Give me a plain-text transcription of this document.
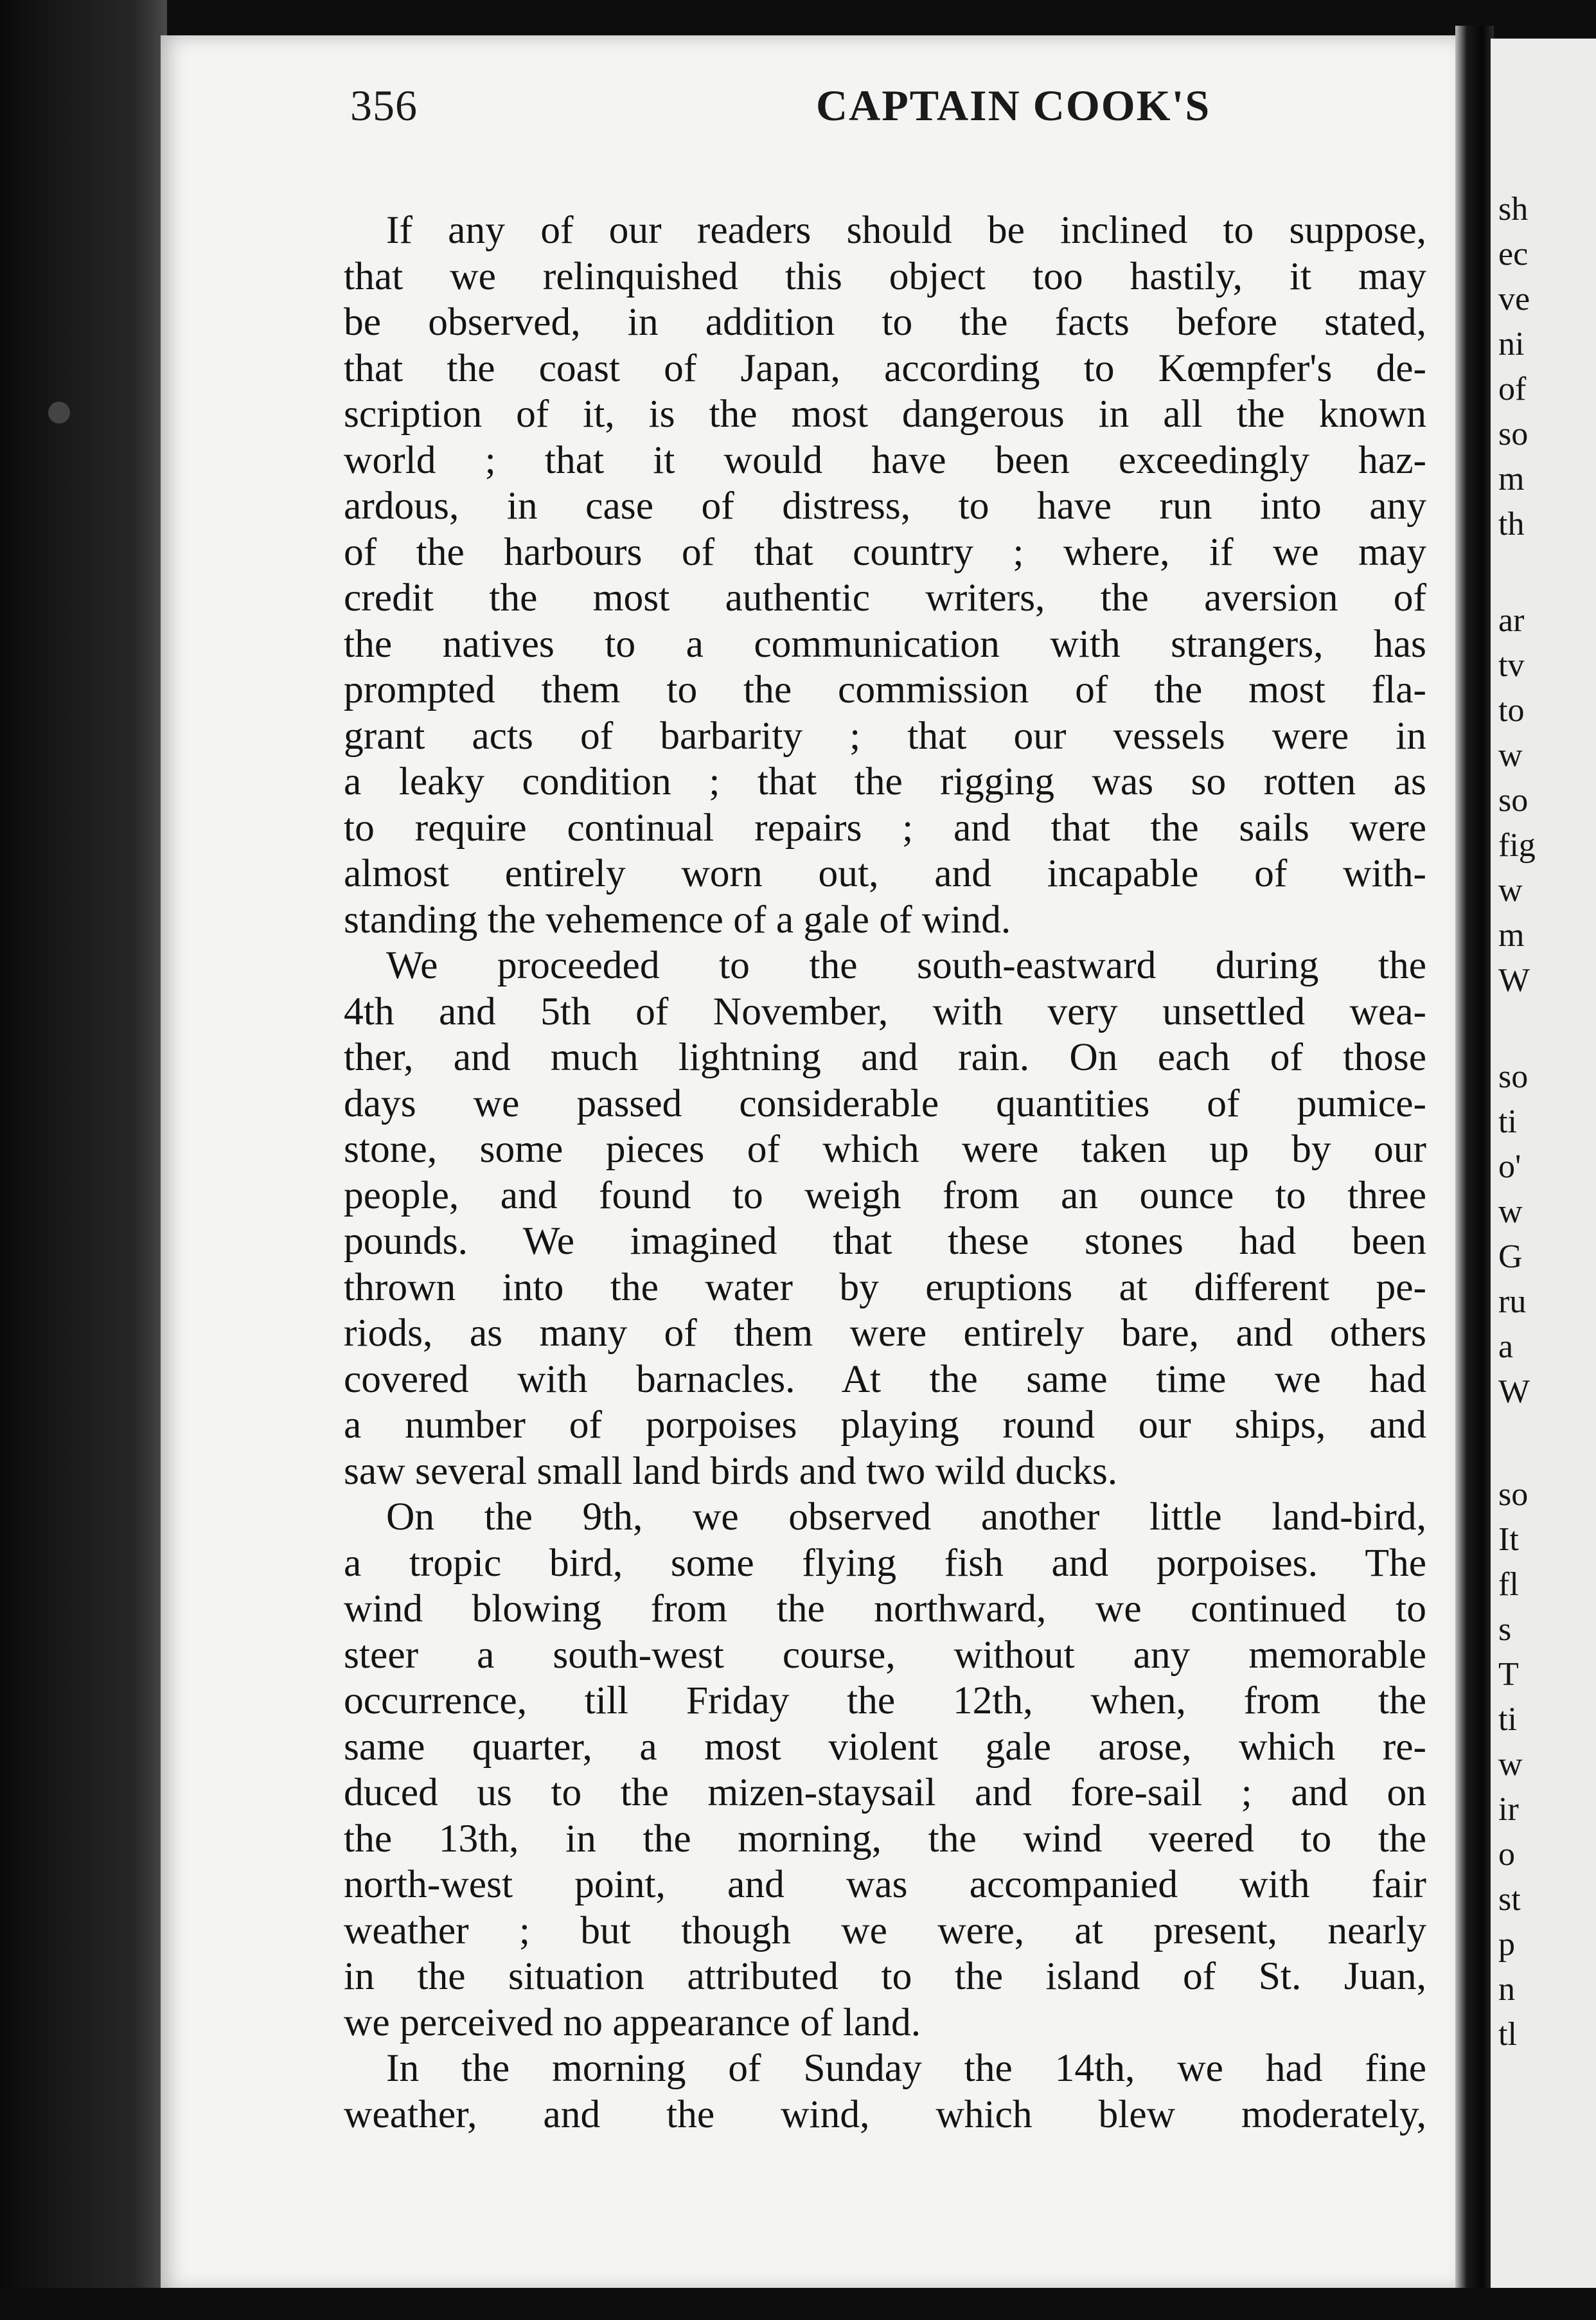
356	CAPTAIN COOK'S
If any of our readers should be inclined to suppose,
that we relinquished this object too hastily, it may
be observed, in addition to the facts before stated,
that the coast of Japan, according to Kœmpfer's de-
scription of it, is the most dangerous in all the known
world ; that it would have been exceedingly haz-
ardous, in case of distress, to have run into any
of the harbours of that country ; where, if we may
credit the most authentic writers, the aversion of
the natives to a communication with strangers, has
prompted them to the commission of the most fla-
grant acts of barbarity ; that our vessels were in
a leaky condition ; that the rigging was so rotten as
to require continual repairs ; and that the sails were
almost entirely worn out, and incapable of with-
standing the vehemence of a gale of wind.
We proceeded to the south-eastward during the
4th and 5th of November, with very unsettled wea-
ther, and much lightning and rain. On each of those
days we passed considerable quantities of pumice-
stone, some pieces of which were taken up by our
people, and found to weigh from an ounce to three
pounds. We imagined that these stones had been
thrown into the water by eruptions at different pe-
riods, as many of them were entirely bare, and others
covered with barnacles. At the same time we had
a number of porpoises playing round our ships, and
saw several small land birds and two wild ducks.
On the 9th, we observed another little land-bird,
a tropic bird, some flying fish and porpoises. The
wind blowing from the northward, we continued to
steer a south-west course, without any memorable
occurrence, till Friday the 12th, when, from the
same quarter, a most violent gale arose, which re-
duced us to the mizen-staysail and fore-sail ; and on
the 13th, in the morning, the wind veered to the
north-west point, and was accompanied with fair
weather ; but though we were, at present, nearly
in the situation attributed to the island of St. Juan,
we perceived no appearance of land.
In the morning of Sunday the 14th, we had fine
weather, and the wind, which blew moderately,
sh
ec
ve
ni
of
so
m
th
ar
tv
to
w
so
fig
w
m
W
so
ti
o'
w
G
ru
a
W
so
It
fl
s
T
ti
w
ir
o
st
p
n
tl
